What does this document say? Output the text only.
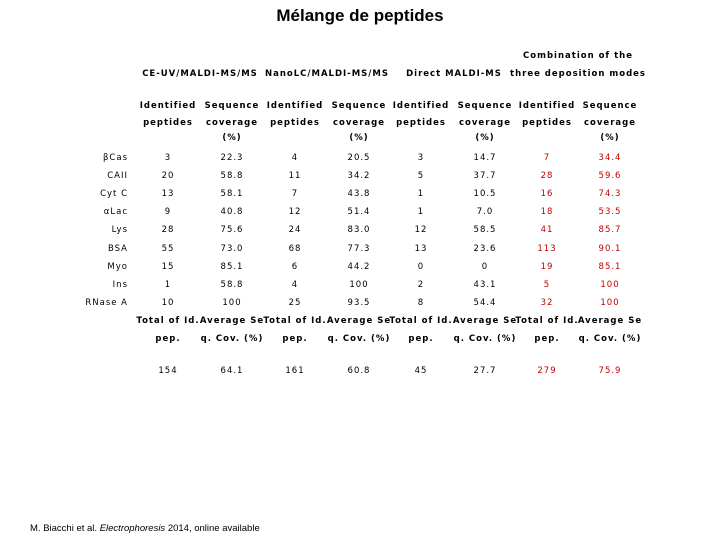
Mélange de peptides
CE-UV/MALDI-MS/MS NanoLC/MALDI-MS/MS Direct MALDI-MS
Combination of the
three deposition modes
Identified
peptides
Sequence
coverage
(%)
Identified
peptides
Sequence
coverage
(%)
Identified
peptides
Sequence
coverage
(%)
Identified
peptides
Sequence
coverage
(%)
βCas	3	22.3	4	20.5	3	14.7	7	34.4
CAII	20	58.8	11	34.2	5	37.7	28	59.6
Cyt C	13	58.1	7	43.8	1	10.5	16	74.3
αLac	9	40.8	12	51.4	1	7.0	18	53.5
Lys	28	75.6	24	83.0	12	58.5	41	85.7
BSA	55	73.0	68	77.3	13	23.6	113	90.1
Myo	15	85.1	6	44.2	0	0	19	85.1
Ins	1	58.8	4	100	2	43.1	5	100
RNase A	10	100	25	93.5	8	54.4	32	100
Total of Id.
pep.
Average Se
q. Cov. (%)
Total of Id.
pep.
Average Se
q. Cov. (%)
Total of Id.
pep.
Average Se
q. Cov. (%)
Total of Id.
pep.
Average Se
q. Cov. (%)
154	64.1	161	60.8	45	27.7	279	75.9
M. Biacchi et al. Electrophoresis 2014, online available
